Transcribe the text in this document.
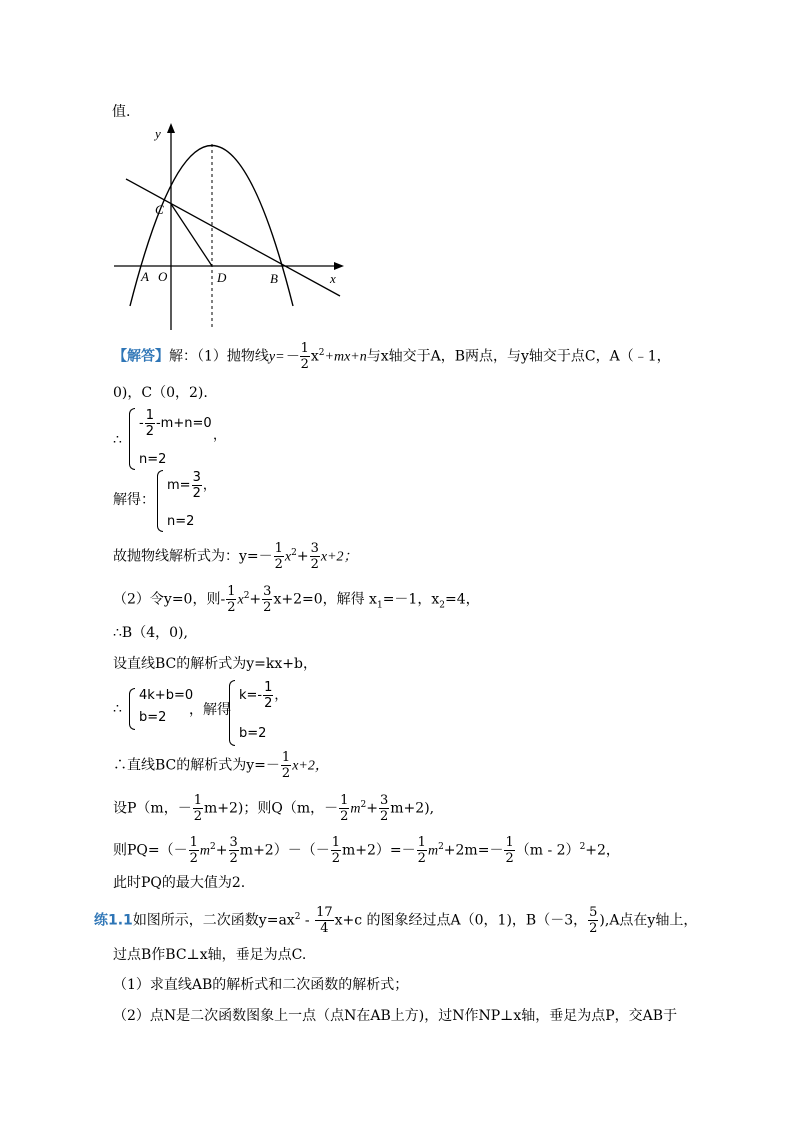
值.
y
x
C
A O	D	B
【解答】解：（1）抛物线$y=- \frac{1}{2} x^2+mx+n$与x轴交于A，B两点，与y轴交于点C，A（﹣1，
0)，C（0，2).
∴
- $\frac{1}{2} -m+n=0$
n=2
，
解得：
$m= \frac{3}{2}$ ，
n=2
故抛物线解析式为：$y=- \frac{1}{2} x^2+ \frac{3}{2} x+2$；
（2）令y=0，则- $\frac{1}{2} x^2+ \frac{3}{2} x+2=0$，解得 $x_1=-1$，$x_2=4$，
∴B（4，0),
设直线BC的解析式为y=kx+b，
∴
4k+b=0
b=2 ，解得
$k=- \frac{1}{2}$ ，
b=2
∴直线BC的解析式为$y=- \frac{1}{2} x+2$，
设P（m，－ $\frac{1}{2} m+2$)；则Q（m，－ $\frac{1}{2} m^2+ \frac{3}{2} m+2$),
则$PQ=(- \frac{1}{2} m^2+ \frac{3}{2} m+2)-(- \frac{1}{2} m+2)=- \frac{1}{2} m^2+2m=- \frac{1}{2} (m - 2)^2+2$，
此时PQ的最大值为2.
练1.1如图所示，二次函数$y=ax^2 - \frac{17}{4} x+c$ 的图象经过点A（0，1)，B（－3， $\frac{5}{2} ),A$点在y轴上，
过点B作BC⊥x轴，垂足为点C.
（1）求直线AB的解析式和二次函数的解析式；
（2）点N是二次函数图象上一点（点N在AB上方)，过N作NP⊥x轴，垂足为点P，交AB于
